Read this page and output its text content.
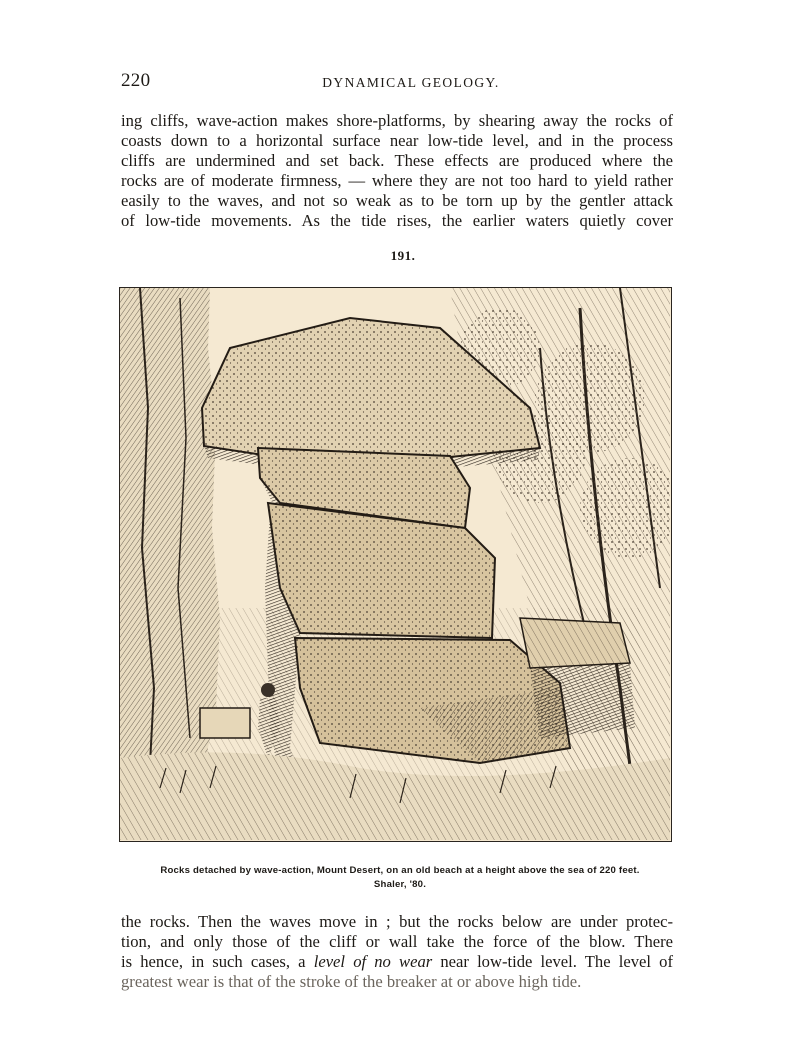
220	DYNAMICAL GEOLOGY.
ing cliffs, wave-action makes shore-platforms, by shearing away the rocks of
coasts down to a horizontal surface near low-tide level, and in the process
cliffs are undermined and set back. These effects are produced where the
rocks are of moderate firmness, — where they are not too hard to yield rather
easily to the waves, and not so weak as to be torn up by the gentler attack
of low-tide movements. As the tide rises, the earlier waters quietly cover
191.
Rocks detached by wave-action, Mount Desert, on an old beach at a height above the sea of 220 feet.
Shaler, '80.
the rocks. Then the waves move in ; but the rocks below are under protec-
tion, and only those of the cliff or wall take the force of the blow. There
is hence, in such cases, a level of no wear near low-tide level. The level of
greatest wear is that of the stroke of the breaker at or above high tide.
